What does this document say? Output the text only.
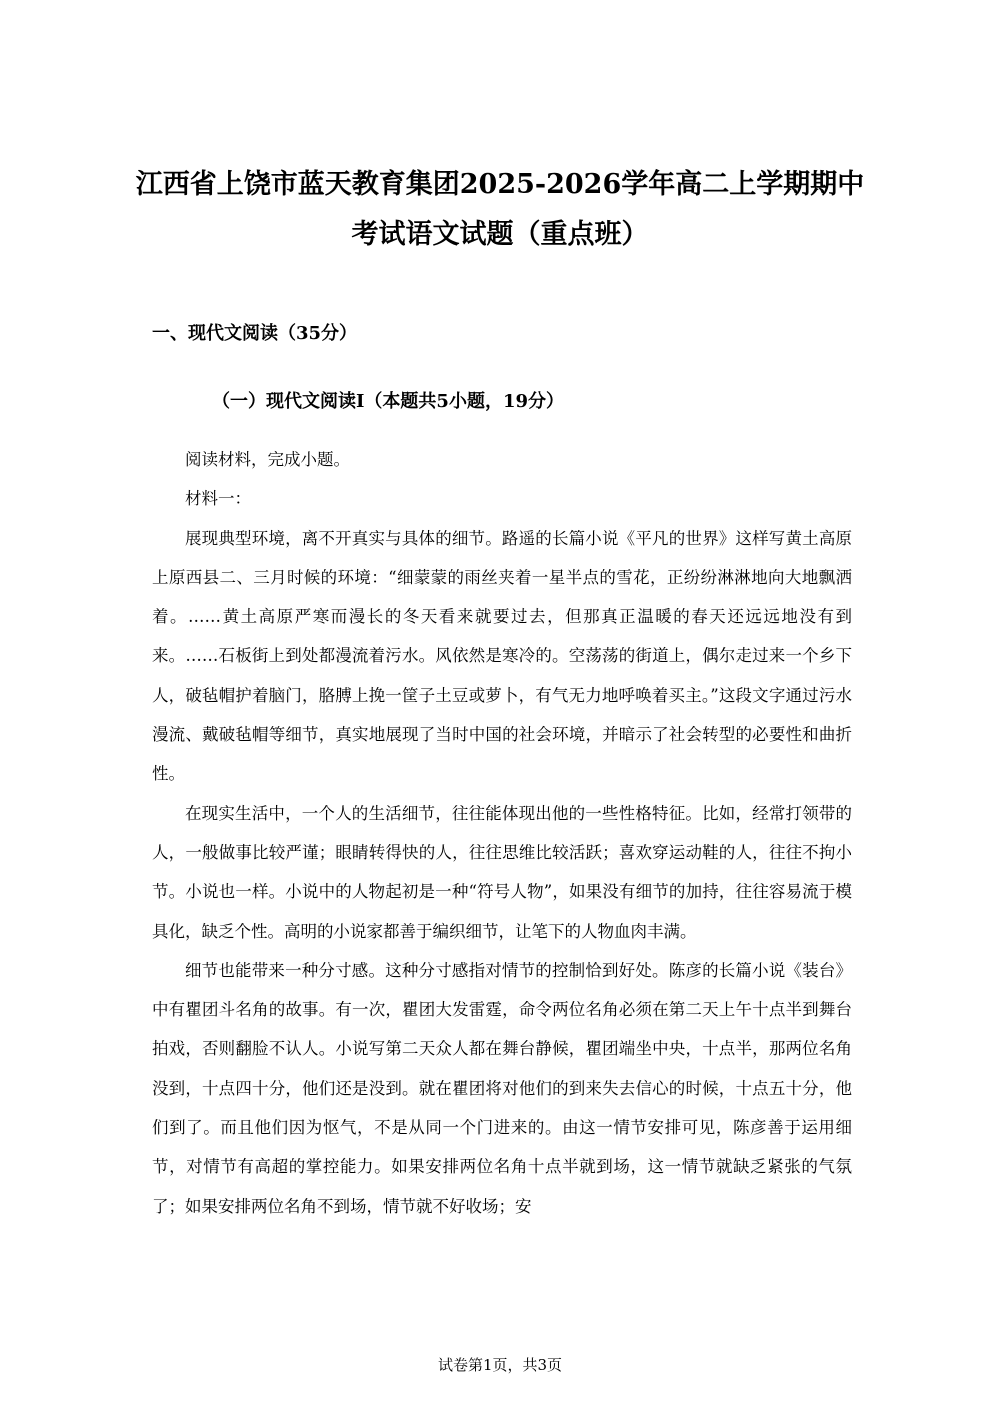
江西省上饶市蓝天教育集团2025-2026学年高二上学期期中
考试语文试题（重点班）
一、现代文阅读（35分）
（一）现代文阅读Ⅰ（本题共5小题，19分）

阅读材料，完成小题。

材料一：

展现典型环境，离不开真实与具体的细节。路遥的长篇小说《平凡的世界》这样写黄土高原上原西县二、三月时候的环境：“细蒙蒙的雨丝夹着一星半点的雪花，正纷纷淋淋地向大地飘洒着。……黄土高原严寒而漫长的冬天看来就要过去，但那真正温暖的春天还远远地没有到来。……石板街上到处都漫流着污水。风依然是寒冷的。空荡荡的街道上，偶尔走过来一个乡下人，破毡帽护着脑门，胳膊上挽一筐子土豆或萝卜，有气无力地呼唤着买主。”这段文字通过污水漫流、戴破毡帽等细节，真实地展现了当时中国的社会环境，并暗示了社会转型的必要性和曲折性。

在现实生活中，一个人的生活细节，往往能体现出他的一些性格特征。比如，经常打领带的人，一般做事比较严谨；眼睛转得快的人，往往思维比较活跃；喜欢穿运动鞋的人，往往不拘小节。小说也一样。小说中的人物起初是一种“符号人物”，如果没有细节的加持，往往容易流于模具化，缺乏个性。高明的小说家都善于编织细节，让笔下的人物血肉丰满。

细节也能带来一种分寸感。这种分寸感指对情节的控制恰到好处。陈彦的长篇小说《装台》中有瞿团斗名角的故事。有一次，瞿团大发雷霆，命令两位名角必须在第二天上午十点半到舞台拍戏，否则翻脸不认人。小说写第二天众人都在舞台静候，瞿团端坐中央，十点半，那两位名角没到，十点四十分，他们还是没到。就在瞿团将对他们的到来失去信心的时候，十点五十分，他们到了。而且他们因为怄气，不是从同一个门进来的。由这一情节安排可见，陈彦善于运用细节，对情节有高超的掌控能力。如果安排两位名角十点半就到场，这一情节就缺乏紧张的气氛了；如果安排两位名角不到场，情节就不好收场；安

试卷第1页，共3页
